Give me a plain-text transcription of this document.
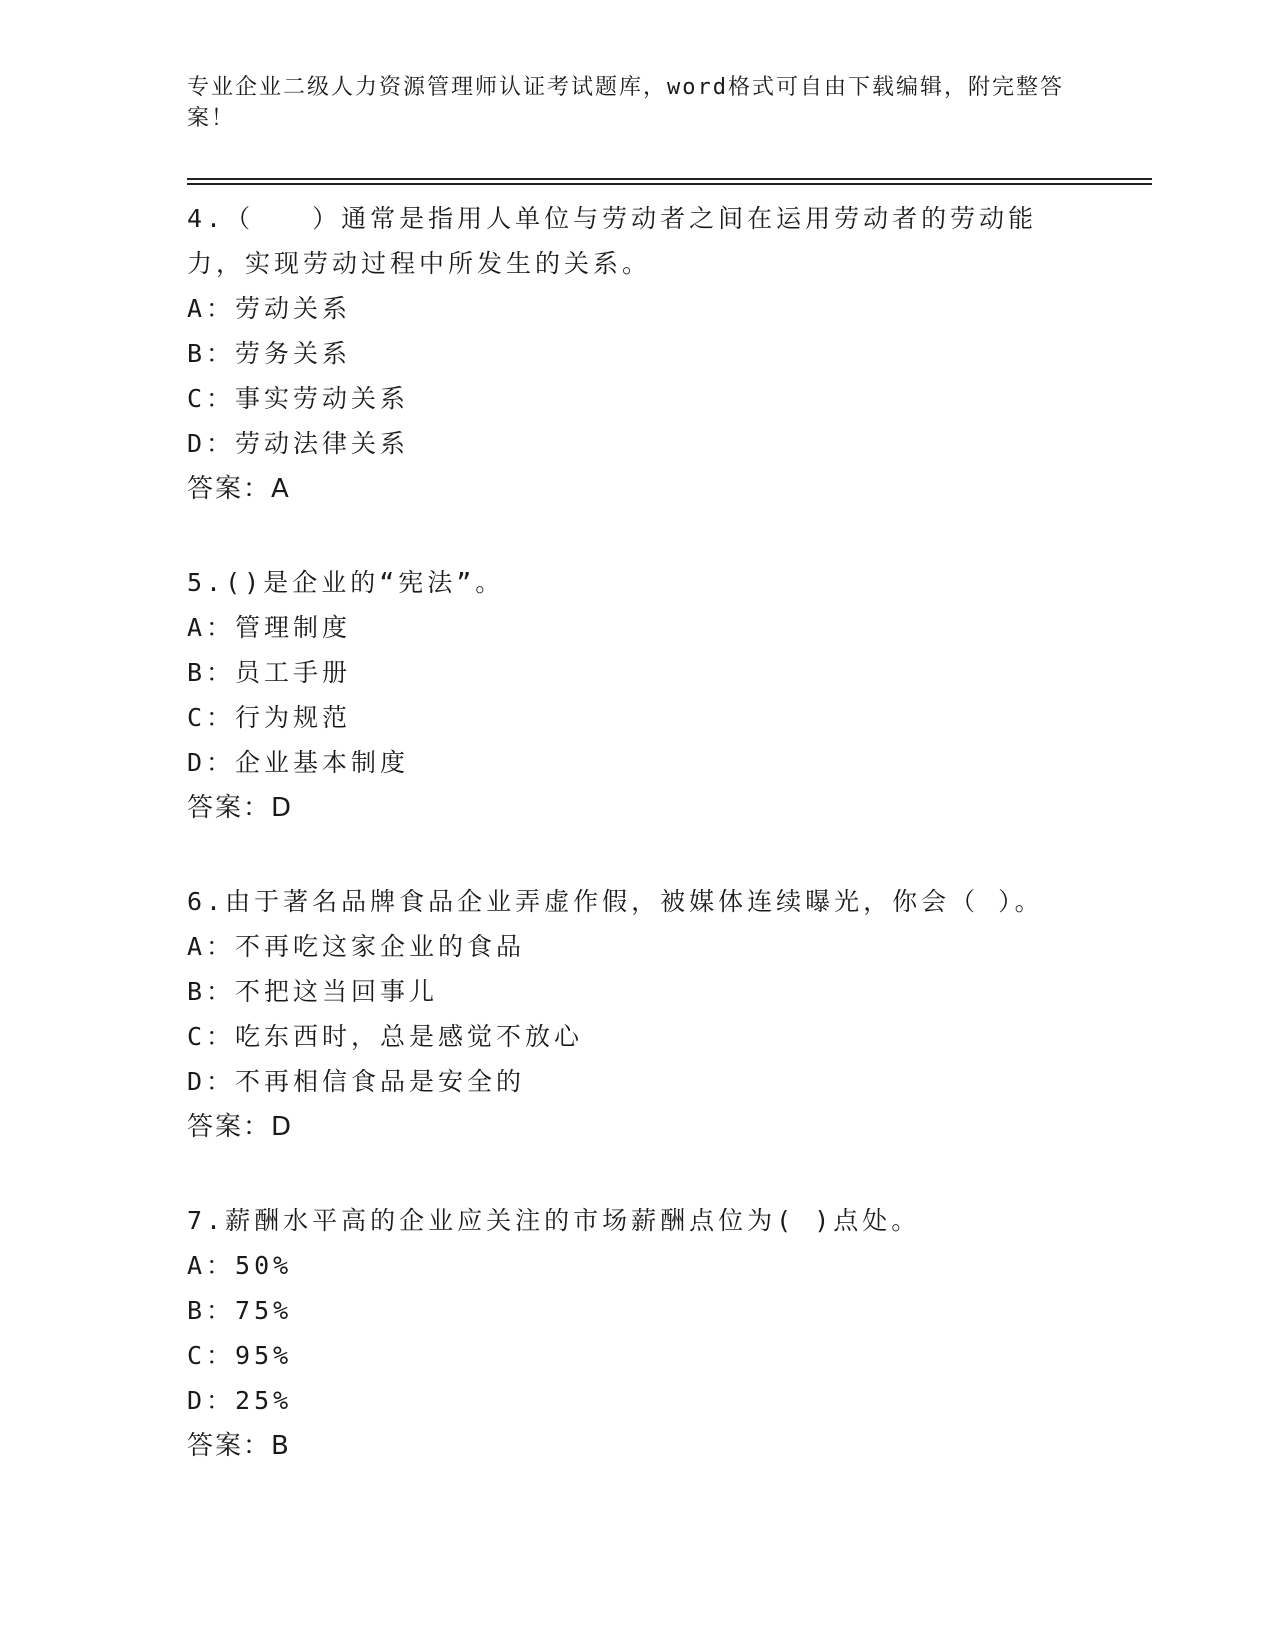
专业企业二级人力资源管理师认证考试题库，word格式可自由下载编辑，附完整答案！
4.（　　）通常是指用人单位与劳动者之间在运用劳动者的劳动能力，实现劳动过程中所发生的关系。
A：劳动关系
B：劳务关系
C：事实劳动关系
D：劳动法律关系
答案：A
5.()是企业的“宪法”。
A：管理制度
B：员工手册
C：行为规范
D：企业基本制度
答案：D
6.由于著名品牌食品企业弄虚作假，被媒体连续曝光，你会（ ）。
A：不再吃这家企业的食品
B：不把这当回事儿
C：吃东西时，总是感觉不放心
D：不再相信食品是安全的
答案：D
7.薪酬水平高的企业应关注的市场薪酬点位为( )点处。
A：50%
B：75%
C：95%
D：25%
答案：B
